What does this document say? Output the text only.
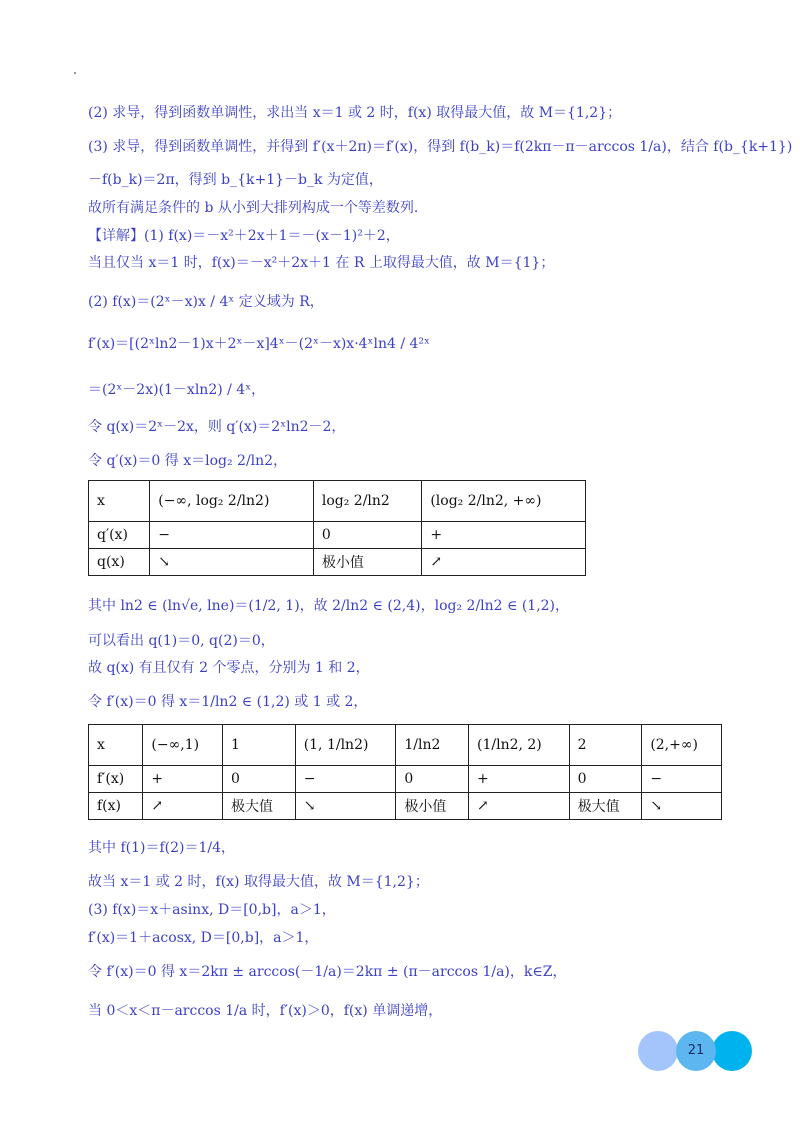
(2) 求导，得到函数单调性，求出当 x＝1 或 2 时，f(x) 取得最大值，故 M＝{1,2}；
(3) 求导，得到函数单调性，并得到 f′(x＋2π)＝f′(x)，得到 f(b_k)＝f(2kπ－π－arccos 1/a)，结合 f(b_{k+1})
－f(b_k)＝2π，得到 b_{k+1}－b_k 为定值，
故所有满足条件的 b 从小到大排列构成一个等差数列.
【详解】(1) f(x)＝－x²＋2x＋1＝－(x－1)²＋2，
当且仅当 x＝1 时，f(x)＝－x²＋2x＋1 在 R 上取得最大值，故 M＝{1}；
(2) f(x)＝(2ˣ－x)x / 4ˣ 定义域为 R，
f′(x)＝[(2ˣln2－1)x＋2ˣ－x]4ˣ－(2ˣ－x)x·4ˣln4 / 4²ˣ
＝(2ˣ－2x)(1－xln2) / 4ˣ，
令 q(x)＝2ˣ－2x，则 q′(x)＝2ˣln2－2，
令 q′(x)＝0 得 x＝log₂ 2/ln2，
x	(−∞, log₂ 2/ln2)	log₂ 2/ln2	(log₂ 2/ln2, +∞)
q′(x)	−	0	+
q(x)	↘	极小值	↗
其中 ln2 ∈ (ln√e, lne)＝(1/2, 1)，故 2/ln2 ∈ (2,4)，log₂ 2/ln2 ∈ (1,2)，
可以看出 q(1)＝0, q(2)＝0，
故 q(x) 有且仅有 2 个零点，分别为 1 和 2，
令 f′(x)＝0 得 x＝1/ln2 ∈ (1,2) 或 1 或 2，
x	(−∞,1)	1	(1, 1/ln2)	1/ln2	(1/ln2, 2)	2	(2,+∞)
f′(x)	+	0	−	0	+	0	−
f(x)	↗	极大值	↘	极小值	↗	极大值	↘
其中 f(1)＝f(2)＝1/4，
故当 x＝1 或 2 时，f(x) 取得最大值，故 M＝{1,2}；
(3) f(x)＝x＋asinx, D＝[0,b]，a＞1，
f′(x)＝1＋acosx, D＝[0,b]，a＞1，
令 f′(x)＝0 得 x＝2kπ ± arccos(－1/a)＝2kπ ± (π－arccos 1/a)，k∈Z，
当 0＜x＜π－arccos 1/a 时，f′(x)＞0，f(x) 单调递增，
21
